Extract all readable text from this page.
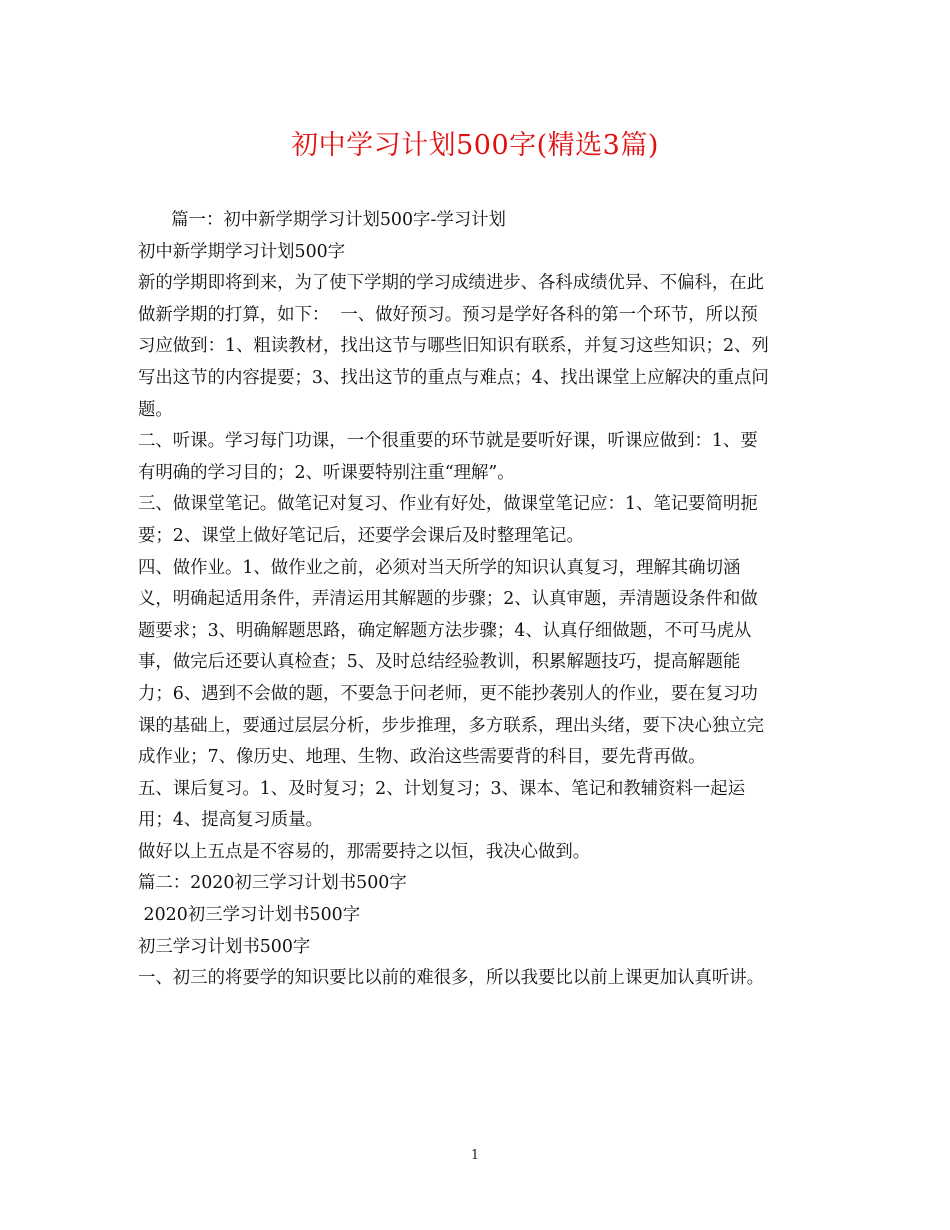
初中学习计划500字(精选3篇)
篇一：初中新学期学习计划500字-学习计划
初中新学期学习计划500字
新的学期即将到来，为了使下学期的学习成绩进步、各科成绩优异、不偏科，在此
做新学期的打算，如下：  一、做好预习。预习是学好各科的第一个环节，所以预
习应做到：1、粗读教材，找出这节与哪些旧知识有联系，并复习这些知识；2、列
写出这节的内容提要；3、找出这节的重点与难点；4、找出课堂上应解决的重点问
题。
二、听课。学习每门功课，一个很重要的环节就是要听好课，听课应做到：1、要
有明确的学习目的；2、听课要特别注重“理解”。
三、做课堂笔记。做笔记对复习、作业有好处，做课堂笔记应：1、笔记要简明扼
要；2、课堂上做好笔记后，还要学会课后及时整理笔记。
四、做作业。1、做作业之前，必须对当天所学的知识认真复习，理解其确切涵
义，明确起适用条件，弄清运用其解题的步骤；2、认真审题，弄清题设条件和做
题要求；3、明确解题思路，确定解题方法步骤；4、认真仔细做题，不可马虎从
事，做完后还要认真检查；5、及时总结经验教训，积累解题技巧，提高解题能
力；6、遇到不会做的题，不要急于问老师，更不能抄袭别人的作业，要在复习功
课的基础上，要通过层层分析，步步推理，多方联系，理出头绪，要下决心独立完
成作业；7、像历史、地理、生物、政治这些需要背的科目，要先背再做。
五、课后复习。1、及时复习；2、计划复习；3、课本、笔记和教辅资料一起运
用；4、提高复习质量。
做好以上五点是不容易的，那需要持之以恒，我决心做到。
篇二：2020初三学习计划书500字
2020初三学习计划书500字
初三学习计划书500字
一、初三的将要学的知识要比以前的难很多，所以我要比以前上课更加认真听讲。
1
